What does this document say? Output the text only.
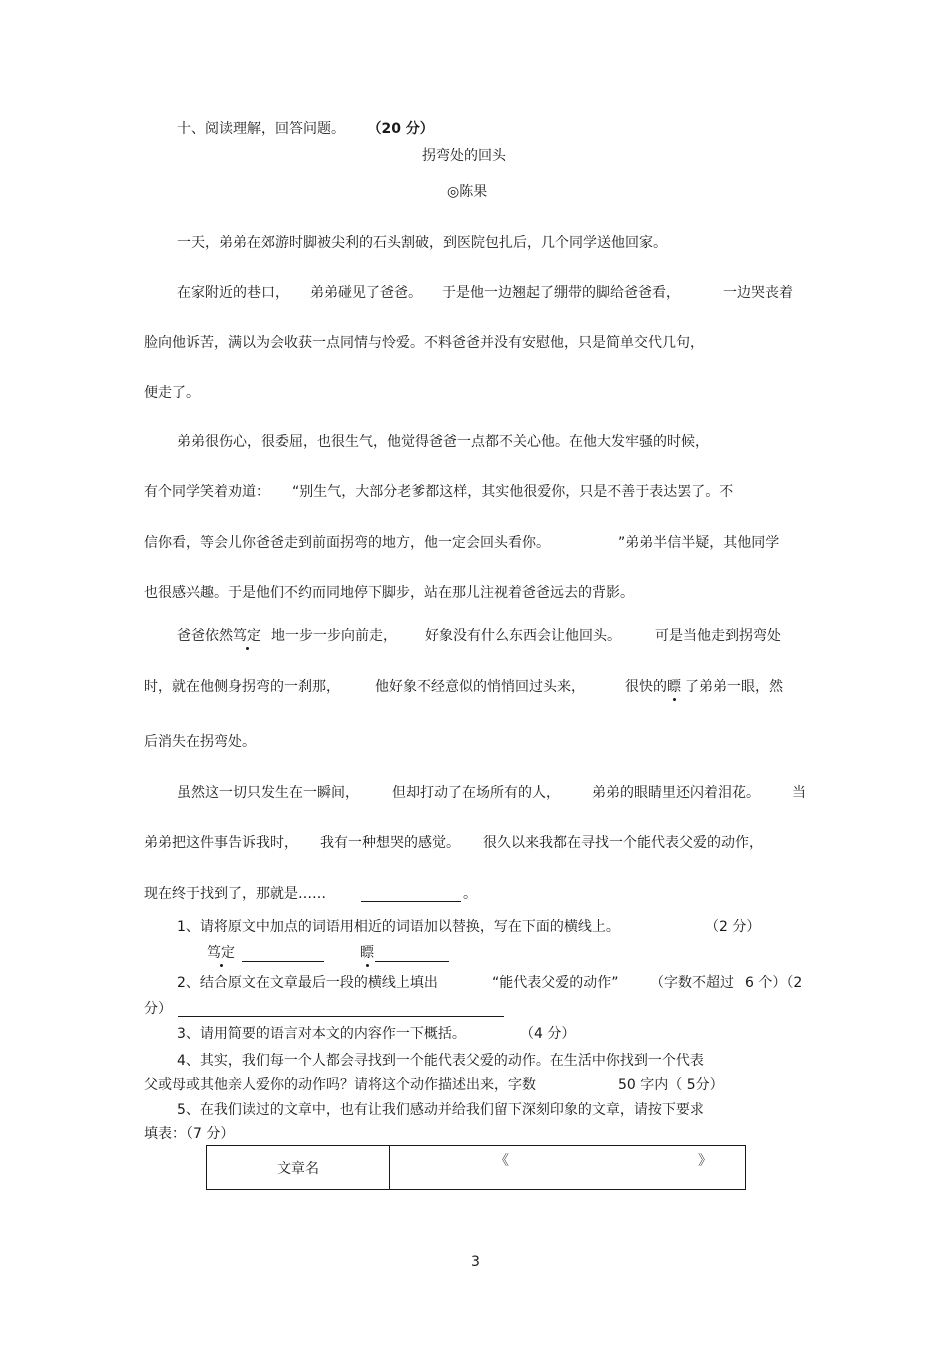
十、阅读理解，回答问题。 （20 分）
拐弯处的回头
◎陈果
一天，弟弟在郊游时脚被尖利的石头割破，到医院包扎后，几个同学送他回家。
在家附近的巷口， 弟弟碰见了爸爸。 于是他一边翘起了绷带的脚给爸爸看，	一边哭丧着
脸向他诉苦，满以为会收获一点同情与怜爱。不料爸爸并没有安慰他，只是简单交代几句，
便走了。
弟弟很伤心，很委屈，也很生气，他觉得爸爸一点都不关心他。在他大发牢骚的时候，
有个同学笑着劝道： “别生气，大部分老爹都这样，其实他很爱你，只是不善于表达罢了。不
信你看，等会儿你爸爸走到前面拐弯的地方，他一定会回头看你。	”弟弟半信半疑，其他同学
也很感兴趣。于是他们不约而同地停下脚步，站在那儿注视着爸爸远去的背影。
爸爸依然笃定 地一步一步向前走， 好象没有什么东西会让他回头。 可是当他走到拐弯处
时，就在他侧身拐弯的一刹那，	他好象不经意似的悄悄回过头来，	很快的瞟 了弟弟一眼，然
后消失在拐弯处。
虽然这一切只发生在一瞬间， 但却打动了在场所有的人， 弟弟的眼睛里还闪着泪花。 当
弟弟把这件事告诉我时， 我有一种想哭的感觉。 很久以来我都在寻找一个能代表父爱的动作，
现在终于找到了，那就是……	。
1、请将原文中加点的词语用相近的词语加以替换，写在下面的横线上。	（2 分）
笃定	瞟
2、结合原文在文章最后一段的横线上填出	“能代表父爱的动作” （字数不超过 6 个）（2
分）
3、请用简要的语言对本文的内容作一下概括。	（4 分）
4、其实，我们每一个人都会寻找到一个能代表父爱的动作。在生活中你找到一个代表
父或母或其他亲人爱你的动作吗？请将这个动作描述出来，字数	50 字内（ 5分）
5、在我们读过的文章中，也有让我们感动并给我们留下深刻印象的文章，请按下要求
填表：（7 分）
文章名	《	》
3
